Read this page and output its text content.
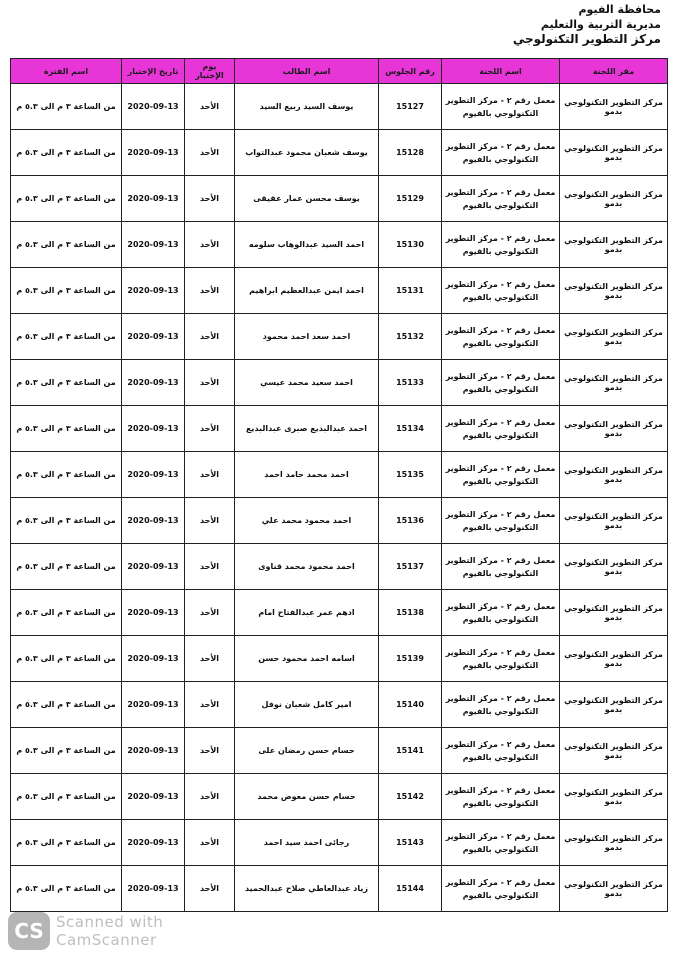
محافظة الفيوم
مديرية التربية والتعليم
مركز التطوير التكنولوجي
مقر اللجنة	اسم اللجنة	رقم الجلوس	اسم الطالب	يوم الإختبار	تاريخ الإختبار	اسم الفترة
مركز التطوير التكنولوجي بدمو	معمل رقم ٢ - مركز التطوير التكنولوجي بالفيوم	15127	يوسف السيد ربيع السيد	الأحد	2020-09-13	من الساعة ٣ م الى ٥.٣ م
مركز التطوير التكنولوجي بدمو	معمل رقم ٢ - مركز التطوير التكنولوجي بالفيوم	15128	يوسف شعبان محمود عبدالتواب	الأحد	2020-09-13	من الساعة ٣ م الى ٥.٣ م
مركز التطوير التكنولوجي بدمو	معمل رقم ٢ - مركز التطوير التكنولوجي بالفيوم	15129	يوسف محسن عمار عقيقى	الأحد	2020-09-13	من الساعة ٣ م الى ٥.٣ م
مركز التطوير التكنولوجي بدمو	معمل رقم ٢ - مركز التطوير التكنولوجي بالفيوم	15130	احمد السيد عبدالوهاب سلومه	الأحد	2020-09-13	من الساعة ٣ م الى ٥.٣ م
مركز التطوير التكنولوجي بدمو	معمل رقم ٢ - مركز التطوير التكنولوجي بالفيوم	15131	احمد ايمن عبدالعظيم ابراهيم	الأحد	2020-09-13	من الساعة ٣ م الى ٥.٣ م
مركز التطوير التكنولوجي بدمو	معمل رقم ٢ - مركز التطوير التكنولوجي بالفيوم	15132	احمد سعد احمد محمود	الأحد	2020-09-13	من الساعة ٣ م الى ٥.٣ م
مركز التطوير التكنولوجي بدمو	معمل رقم ٢ - مركز التطوير التكنولوجي بالفيوم	15133	احمد سعيد محمد عيسي	الأحد	2020-09-13	من الساعة ٣ م الى ٥.٣ م
مركز التطوير التكنولوجي بدمو	معمل رقم ٢ - مركز التطوير التكنولوجي بالفيوم	15134	احمد عبدالبديع صبرى عبدالبديع	الأحد	2020-09-13	من الساعة ٣ م الى ٥.٣ م
مركز التطوير التكنولوجي بدمو	معمل رقم ٢ - مركز التطوير التكنولوجي بالفيوم	15135	احمد محمد حامد احمد	الأحد	2020-09-13	من الساعة ٣ م الى ٥.٣ م
مركز التطوير التكنولوجي بدمو	معمل رقم ٢ - مركز التطوير التكنولوجي بالفيوم	15136	احمد محمود محمد علي	الأحد	2020-09-13	من الساعة ٣ م الى ٥.٣ م
مركز التطوير التكنولوجي بدمو	معمل رقم ٢ - مركز التطوير التكنولوجي بالفيوم	15137	احمد محمود محمد قناوى	الأحد	2020-09-13	من الساعة ٣ م الى ٥.٣ م
مركز التطوير التكنولوجي بدمو	معمل رقم ٢ - مركز التطوير التكنولوجي بالفيوم	15138	ادهم عمر عبدالفتاح امام	الأحد	2020-09-13	من الساعة ٣ م الى ٥.٣ م
مركز التطوير التكنولوجي بدمو	معمل رقم ٢ - مركز التطوير التكنولوجي بالفيوم	15139	اسامه احمد محمود حسن	الأحد	2020-09-13	من الساعة ٣ م الى ٥.٣ م
مركز التطوير التكنولوجي بدمو	معمل رقم ٢ - مركز التطوير التكنولوجي بالفيوم	15140	امير كامل شعبان نوفل	الأحد	2020-09-13	من الساعة ٣ م الى ٥.٣ م
مركز التطوير التكنولوجي بدمو	معمل رقم ٢ - مركز التطوير التكنولوجي بالفيوم	15141	حسام حسن رمضان على	الأحد	2020-09-13	من الساعة ٣ م الى ٥.٣ م
مركز التطوير التكنولوجي بدمو	معمل رقم ٢ - مركز التطوير التكنولوجي بالفيوم	15142	حسام حسن معوض محمد	الأحد	2020-09-13	من الساعة ٣ م الى ٥.٣ م
مركز التطوير التكنولوجي بدمو	معمل رقم ٢ - مركز التطوير التكنولوجي بالفيوم	15143	رجائى احمد سيد احمد	الأحد	2020-09-13	من الساعة ٣ م الى ٥.٣ م
مركز التطوير التكنولوجي بدمو	معمل رقم ٢ - مركز التطوير التكنولوجي بالفيوم	15144	زياد عبدالعاطي صلاح عبدالحميد	الأحد	2020-09-13	من الساعة ٣ م الى ٥.٣ م
CS Scanned with
CamScanner
